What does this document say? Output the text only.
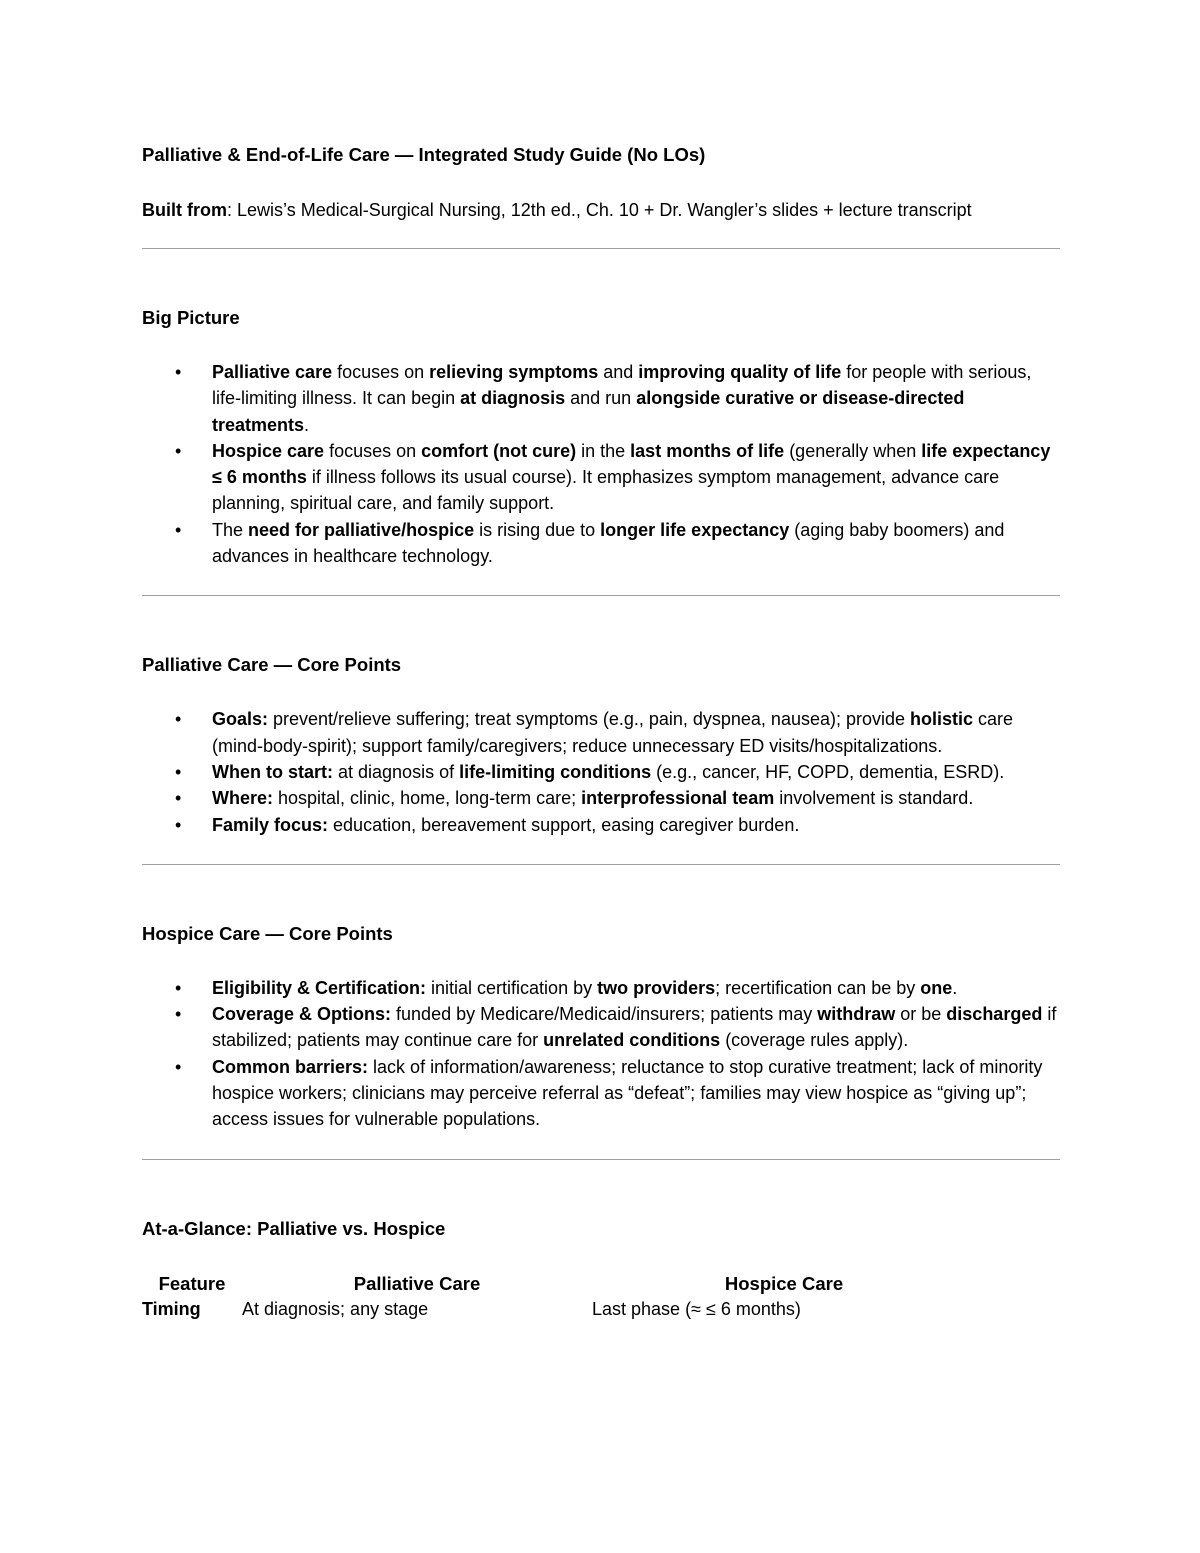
Palliative & End-of-Life Care — Integrated Study Guide (No LOs)

Built from: Lewis’s Medical-Surgical Nursing, 12th ed., Ch. 10 + Dr. Wangler’s slides + lecture transcript

Big Picture

• Palliative care focuses on relieving symptoms and improving quality of life for people with serious, life-limiting illness. It can begin at diagnosis and run alongside curative or disease-directed treatments.
• Hospice care focuses on comfort (not cure) in the last months of life (generally when life expectancy ≤ 6 months if illness follows its usual course). It emphasizes symptom management, advance care planning, spiritual care, and family support.
• The need for palliative/hospice is rising due to longer life expectancy (aging baby boomers) and advances in healthcare technology.

Palliative Care — Core Points

• Goals: prevent/relieve suffering; treat symptoms (e.g., pain, dyspnea, nausea); provide holistic care (mind-body-spirit); support family/caregivers; reduce unnecessary ED visits/hospitalizations.
• When to start: at diagnosis of life-limiting conditions (e.g., cancer, HF, COPD, dementia, ESRD).
• Where: hospital, clinic, home, long-term care; interprofessional team involvement is standard.
• Family focus: education, bereavement support, easing caregiver burden.

Hospice Care — Core Points

• Eligibility & Certification: initial certification by two providers; recertification can be by one.
• Coverage & Options: funded by Medicare/Medicaid/insurers; patients may withdraw or be discharged if stabilized; patients may continue care for unrelated conditions (coverage rules apply).
• Common barriers: lack of information/awareness; reluctance to stop curative treatment; lack of minority hospice workers; clinicians may perceive referral as “defeat”; families may view hospice as “giving up”; access issues for vulnerable populations.

At-a-Glance: Palliative vs. Hospice

Feature	Palliative Care	Hospice Care
Timing	At diagnosis; any stage	Last phase (≈ ≤ 6 months)
